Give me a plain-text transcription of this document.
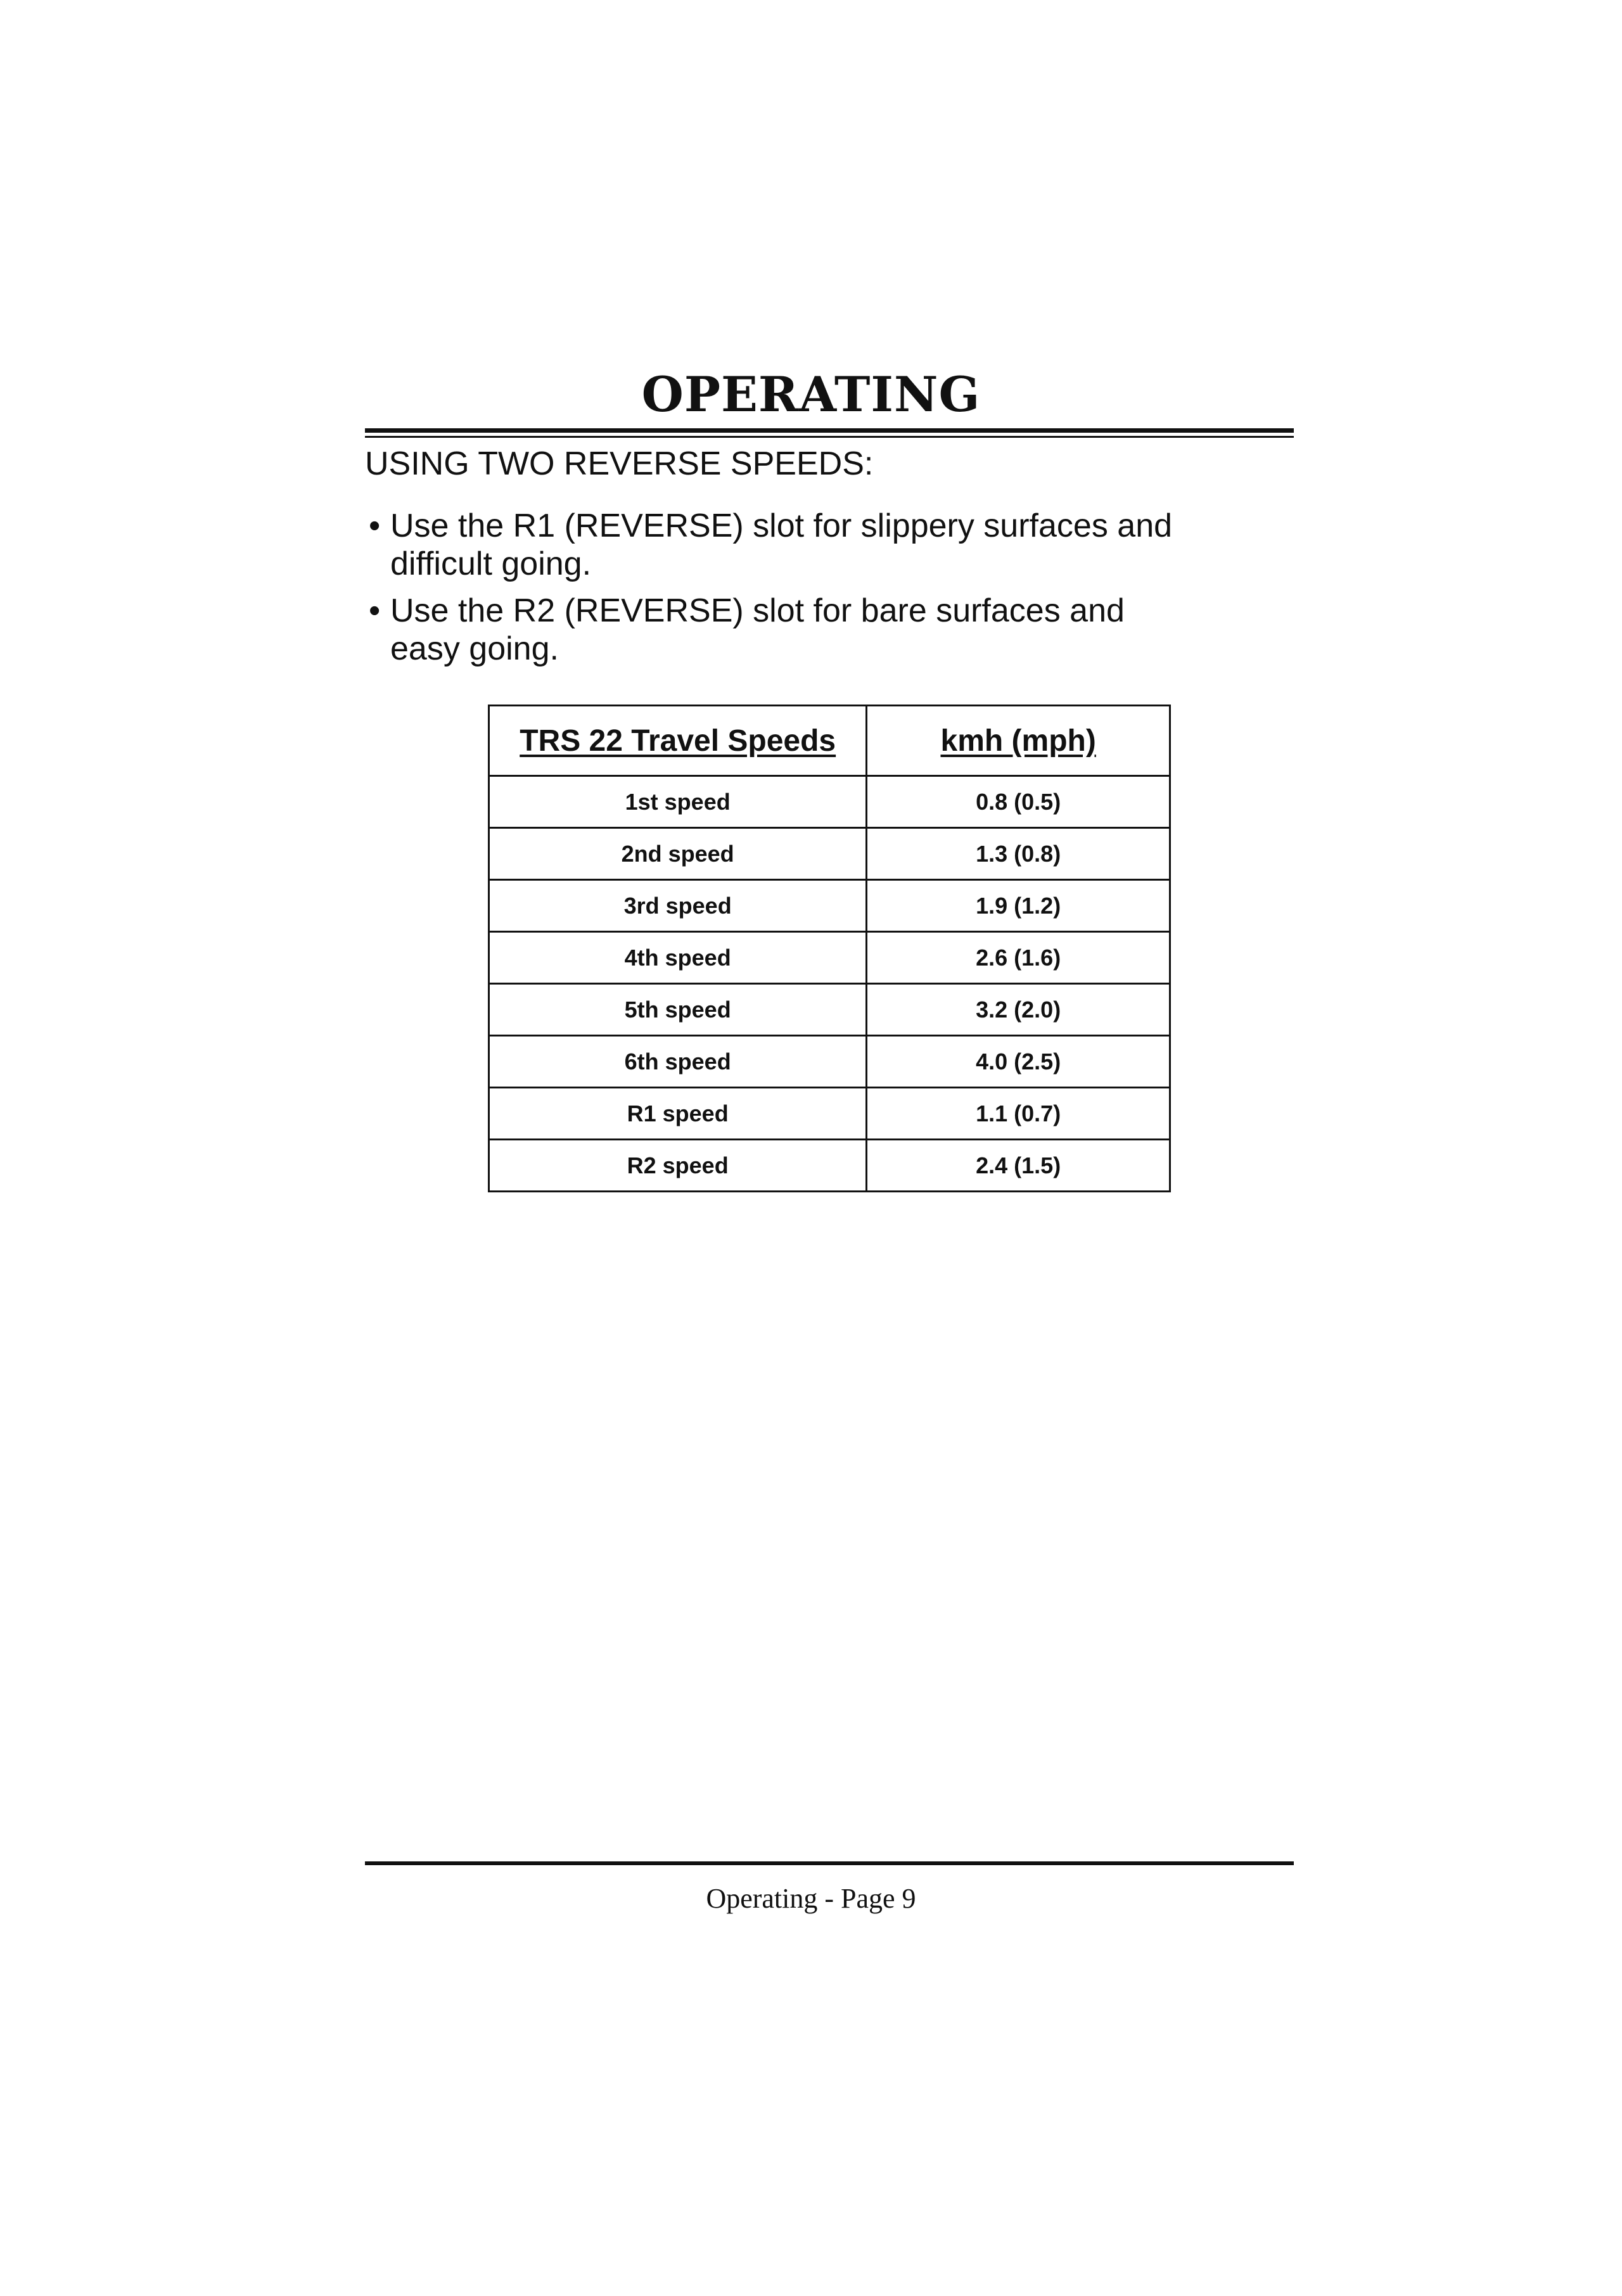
OPERATING
USING TWO REVERSE SPEEDS:
• Use the R1 (REVERSE) slot for slippery surfaces and difficult going.
• Use the R2 (REVERSE) slot for bare surfaces and easy going.
TRS 22 Travel Speeds	kmh (mph)
1st speed	0.8 (0.5)
2nd speed	1.3 (0.8)
3rd speed	1.9 (1.2)
4th speed	2.6 (1.6)
5th speed	3.2 (2.0)
6th speed	4.0 (2.5)
R1 speed	1.1 (0.7)
R2 speed	2.4 (1.5)
Operating - Page 9
